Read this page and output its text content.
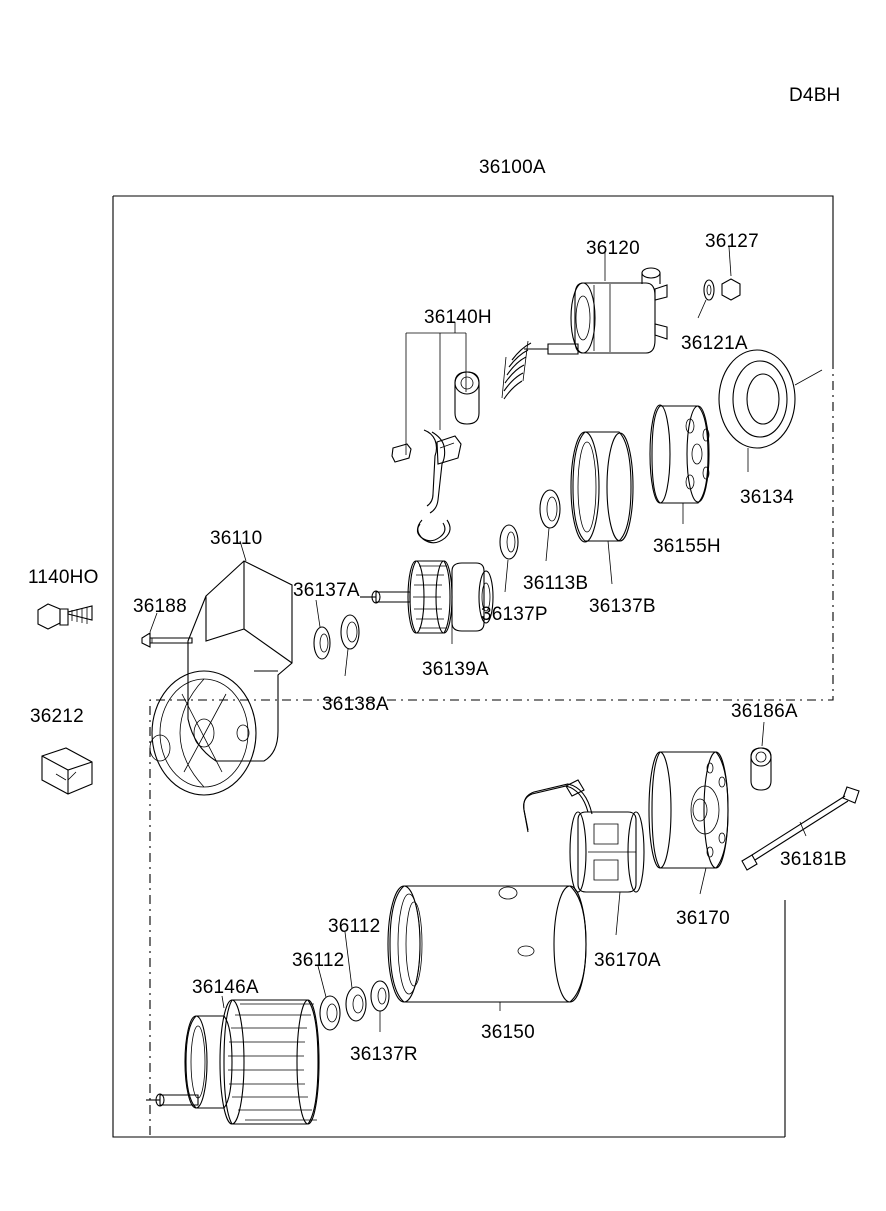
D4BH
36100A
36120	36127
36121A
36140H
36134
36155H
36137B
36113B
36137P
36139A
36110
36137A
36138A
36188
1140HO
36212	36186A
36181B
36170
36170A
36112
36112
36137R
36150
36146A
